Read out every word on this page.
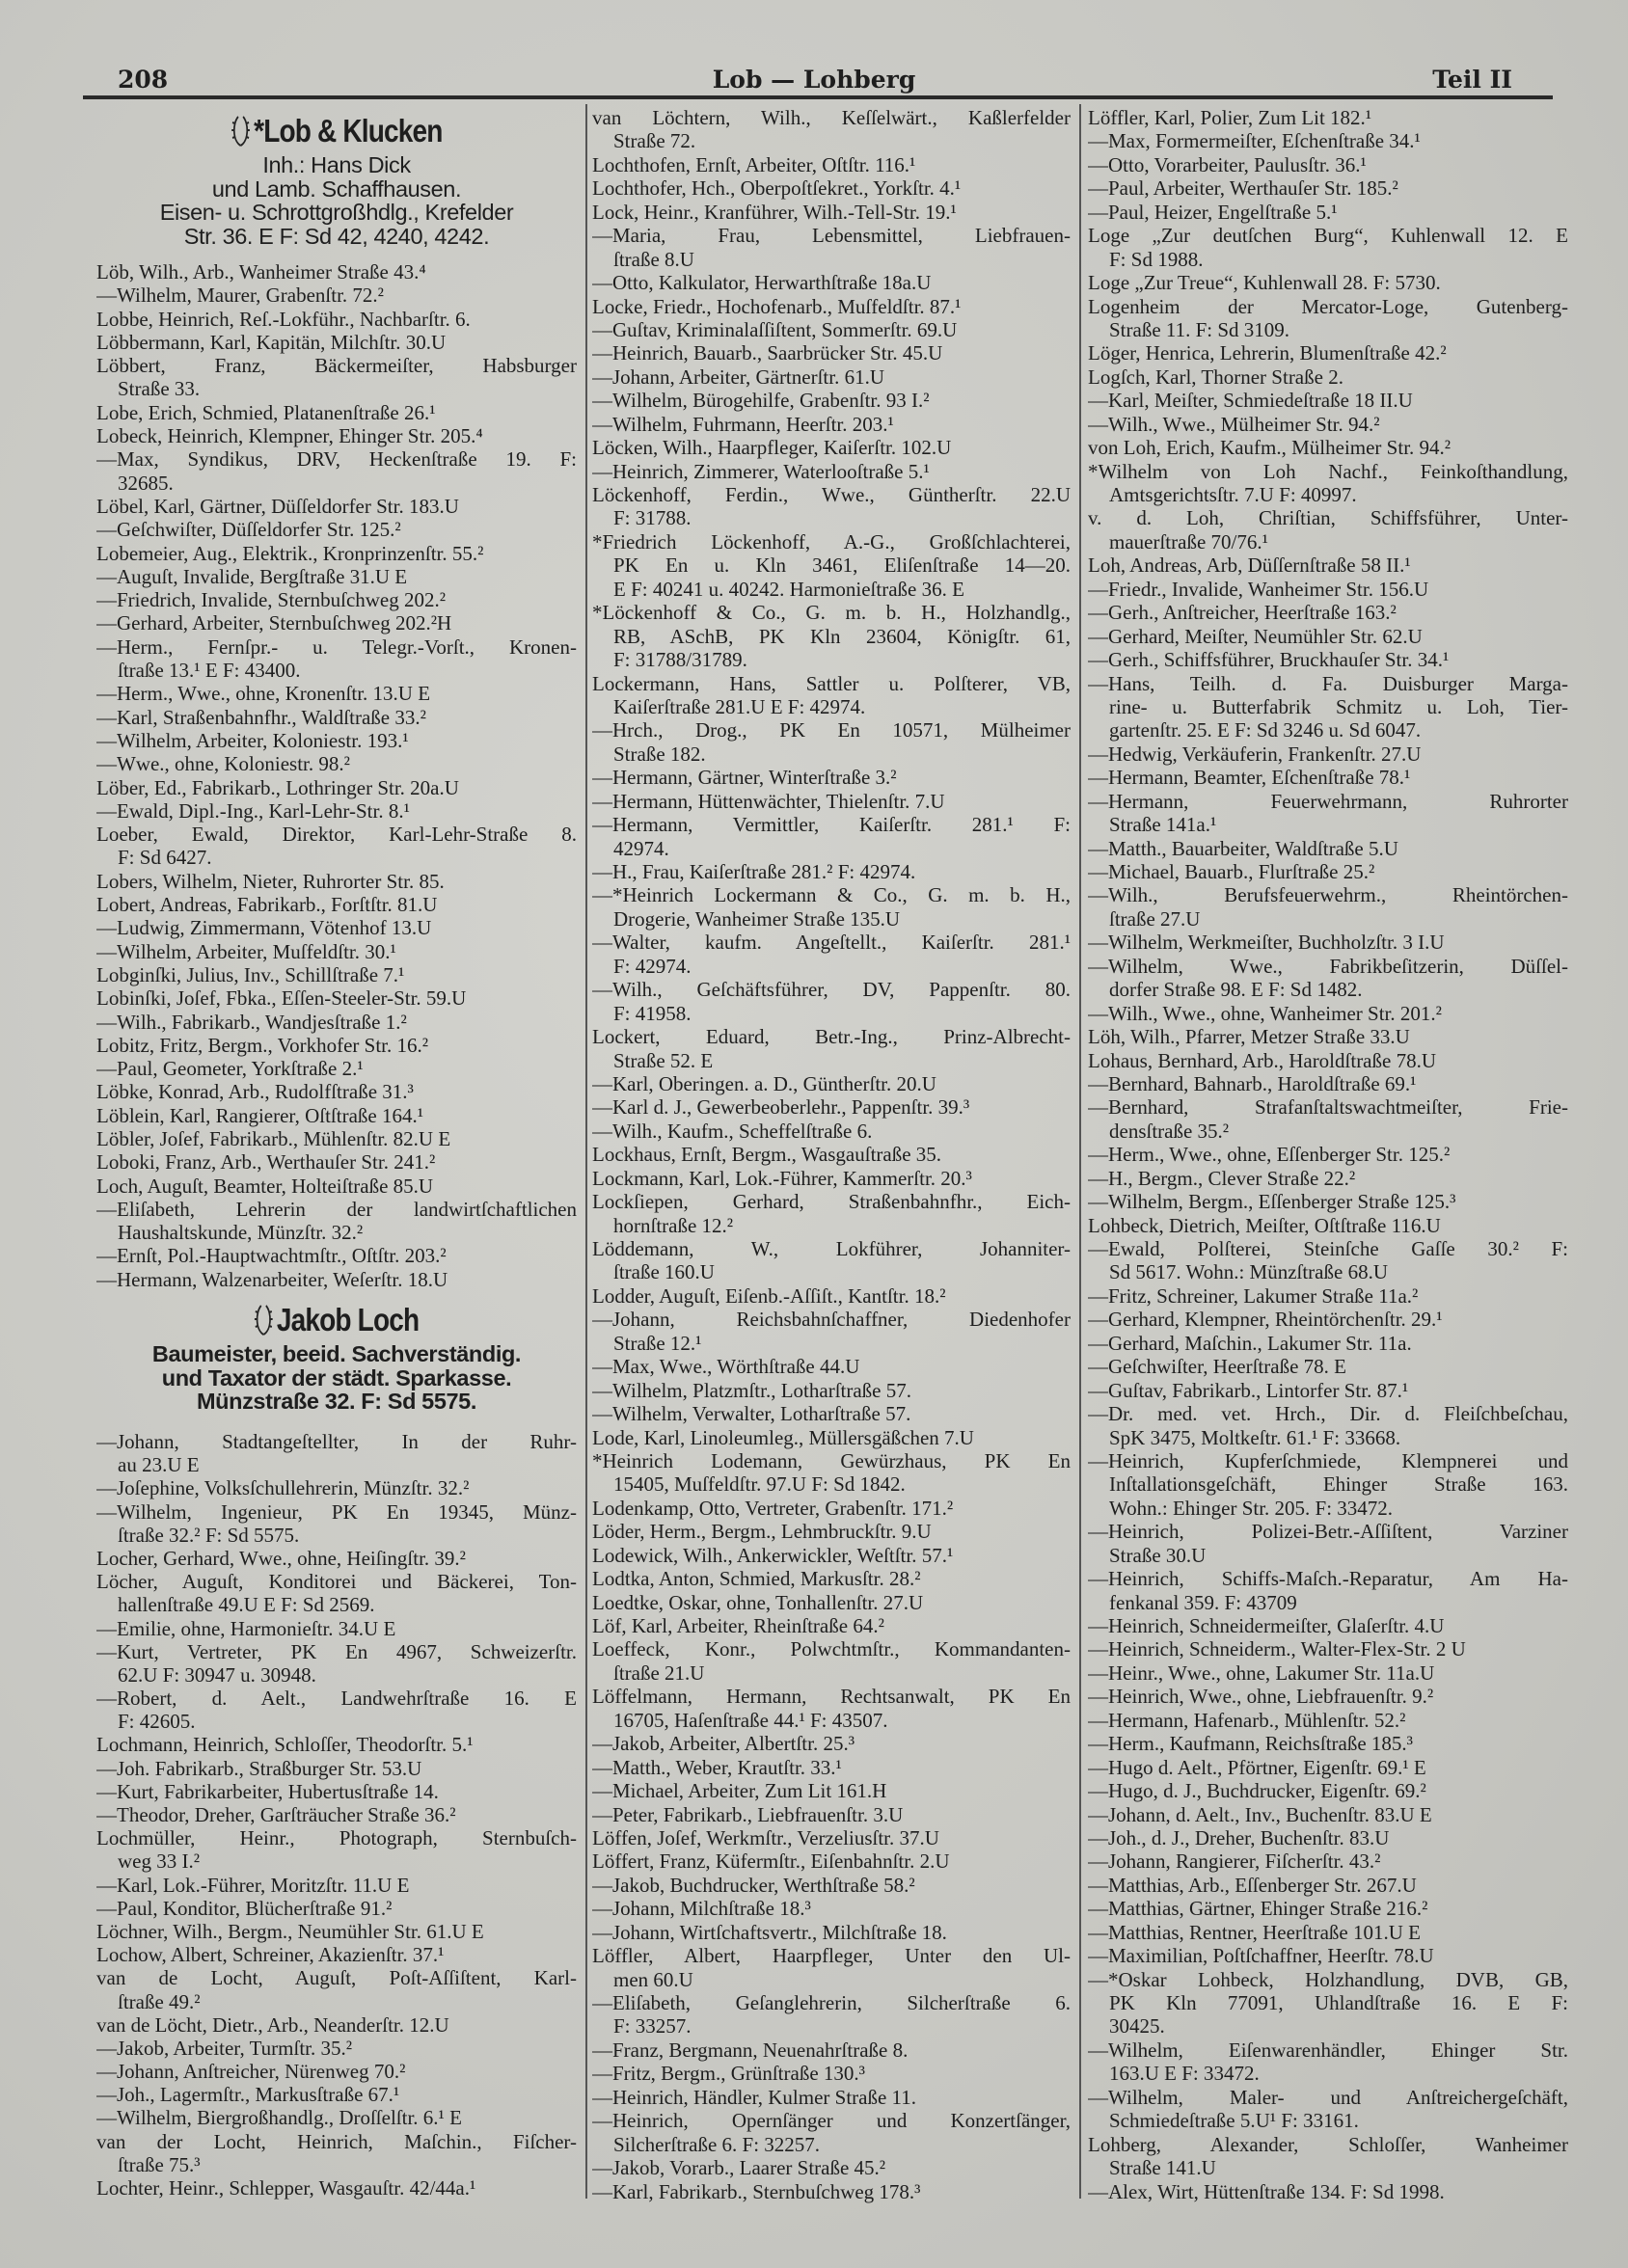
208	Lob — Lohberg	Teil II
*Lob & Klucken
Inh.: Hans Dick
und Lamb. Schaffhausen.
Eisen- u. Schrottgroßhdlg., Krefelder
Str. 36. E F: Sd 42, 4240, 4242.
Löb, Wilh., Arb., Wanheimer Straße 43.⁴
—Wilhelm, Maurer, Grabenſtr. 72.²
Lobbe, Heinrich, Reſ.-Lokführ., Nachbarſtr. 6.
Löbbermann, Karl, Kapitän, Milchſtr. 30.U
Löbbert, Franz, Bäckermeiſter, Habsburger
Straße 33.
Lobe, Erich, Schmied, Platanenſtraße 26.¹
Lobeck, Heinrich, Klempner, Ehinger Str. 205.⁴
—Max, Syndikus, DRV, Heckenſtraße 19. F:
32685.
Löbel, Karl, Gärtner, Düſſeldorfer Str. 183.U
—Geſchwiſter, Düſſeldorfer Str. 125.²
Lobemeier, Aug., Elektrik., Kronprinzenſtr. 55.²
—Auguſt, Invalide, Bergſtraße 31.U E
—Friedrich, Invalide, Sternbuſchweg 202.²
—Gerhard, Arbeiter, Sternbuſchweg 202.²H
—Herm., Fernſpr.- u. Telegr.-Vorſt., Kronen-
ſtraße 13.¹ E F: 43400.
—Herm., Wwe., ohne, Kronenſtr. 13.U E
—Karl, Straßenbahnfhr., Waldſtraße 33.²
—Wilhelm, Arbeiter, Koloniestr. 193.¹
—Wwe., ohne, Koloniestr. 98.²
Löber, Ed., Fabrikarb., Lothringer Str. 20a.U
—Ewald, Dipl.-Ing., Karl-Lehr-Str. 8.¹
Loeber, Ewald, Direktor, Karl-Lehr-Straße 8.
F: Sd 6427.
Lobers, Wilhelm, Nieter, Ruhrorter Str. 85.
Lobert, Andreas, Fabrikarb., Forſtſtr. 81.U
—Ludwig, Zimmermann, Vötenhof 13.U
—Wilhelm, Arbeiter, Muſfeldſtr. 30.¹
Lobginſki, Julius, Inv., Schillſtraße 7.¹
Lobinſki, Joſef, Fbka., Eſſen-Steeler-Str. 59.U
—Wilh., Fabrikarb., Wandjesſtraße 1.²
Lobitz, Fritz, Bergm., Vorkhofer Str. 16.²
—Paul, Geometer, Yorkſtraße 2.¹
Löbke, Konrad, Arb., Rudolfſtraße 31.³
Löblein, Karl, Rangierer, Oſtſtraße 164.¹
Löbler, Joſef, Fabrikarb., Mühlenſtr. 82.U E
Loboki, Franz, Arb., Werthauſer Str. 241.²
Loch, Auguſt, Beamter, Holteiſtraße 85.U
—Eliſabeth, Lehrerin der landwirtſchaftlichen
Haushaltskunde, Münzſtr. 32.²
—Ernſt, Pol.-Hauptwachtmſtr., Oſtſtr. 203.²
—Hermann, Walzenarbeiter, Weſerſtr. 18.U
Jakob Loch
Baumeister, beeid. Sachverständig.
und Taxator der städt. Sparkasse.
Münzstraße 32. F: Sd 5575.
—Johann, Stadtangeſtellter, In der Ruhr-
au 23.U E
—Joſephine, Volksſchullehrerin, Münzſtr. 32.²
—Wilhelm, Ingenieur, PK En 19345, Münz-
ſtraße 32.² F: Sd 5575.
Locher, Gerhard, Wwe., ohne, Heiſingſtr. 39.²
Löcher, Auguſt, Konditorei und Bäckerei, Ton-
hallenſtraße 49.U E F: Sd 2569.
—Emilie, ohne, Harmonieſtr. 34.U E
—Kurt, Vertreter, PK En 4967, Schweizerſtr.
62.U F: 30947 u. 30948.
—Robert, d. Aelt., Landwehrſtraße 16. E
F: 42605.
Lochmann, Heinrich, Schloſſer, Theodorſtr. 5.¹
—Joh. Fabrikarb., Straßburger Str. 53.U
—Kurt, Fabrikarbeiter, Hubertusſtraße 14.
—Theodor, Dreher, Garſträucher Straße 36.²
Lochmüller, Heinr., Photograph, Sternbuſch-
weg 33 I.²
—Karl, Lok.-Führer, Moritzſtr. 11.U E
—Paul, Konditor, Blücherſtraße 91.²
Löchner, Wilh., Bergm., Neumühler Str. 61.U E
Lochow, Albert, Schreiner, Akazienſtr. 37.¹
van de Locht, Auguſt, Poſt-Aſſiſtent, Karl-
ſtraße 49.²
van de Löcht, Dietr., Arb., Neanderſtr. 12.U
—Jakob, Arbeiter, Turmſtr. 35.²
—Johann, Anſtreicher, Nürenweg 70.²
—Joh., Lagermſtr., Markusſtraße 67.¹
—Wilhelm, Biergroßhandlg., Droſſelſtr. 6.¹ E
van der Locht, Heinrich, Maſchin., Fiſcher-
ſtraße 75.³
Lochter, Heinr., Schlepper, Wasgauſtr. 42/44a.¹
van Löchtern, Wilh., Keſſelwärt., Kaßlerfelder
Straße 72.
Lochthofen, Ernſt, Arbeiter, Oſtſtr. 116.¹
Lochthofer, Hch., Oberpoſtſekret., Yorkſtr. 4.¹
Lock, Heinr., Kranführer, Wilh.-Tell-Str. 19.¹
—Maria, Frau, Lebensmittel, Liebfrauen-
ſtraße 8.U
—Otto, Kalkulator, Herwarthſtraße 18a.U
Locke, Friedr., Hochofenarb., Muſfeldſtr. 87.¹
—Guſtav, Kriminalaſſiſtent, Sommerſtr. 69.U
—Heinrich, Bauarb., Saarbrücker Str. 45.U
—Johann, Arbeiter, Gärtnerſtr. 61.U
—Wilhelm, Bürogehilfe, Grabenſtr. 93 I.²
—Wilhelm, Fuhrmann, Heerſtr. 203.¹
Löcken, Wilh., Haarpfleger, Kaiſerſtr. 102.U
—Heinrich, Zimmerer, Waterlooſtraße 5.¹
Löckenhoff, Ferdin., Wwe., Güntherſtr. 22.U
F: 31788.
*Friedrich Löckenhoff, A.-G., Großſchlachterei,
PK En u. Kln 3461, Eliſenſtraße 14—20.
E F: 40241 u. 40242. Harmonieſtraße 36. E
*Löckenhoff & Co., G. m. b. H., Holzhandlg.,
RB, ASchB, PK Kln 23604, Königſtr. 61,
F: 31788/31789.
Lockermann, Hans, Sattler u. Polſterer, VB,
Kaiſerſtraße 281.U E F: 42974.
—Hrch., Drog., PK En 10571, Mülheimer
Straße 182.
—Hermann, Gärtner, Winterſtraße 3.²
—Hermann, Hüttenwächter, Thielenſtr. 7.U
—Hermann, Vermittler, Kaiſerſtr. 281.¹ F:
42974.
—H., Frau, Kaiſerſtraße 281.² F: 42974.
—*Heinrich Lockermann & Co., G. m. b. H.,
Drogerie, Wanheimer Straße 135.U
—Walter, kaufm. Angeſtellt., Kaiſerſtr. 281.¹
F: 42974.
—Wilh., Geſchäftsführer, DV, Pappenſtr. 80.
F: 41958.
Lockert, Eduard, Betr.-Ing., Prinz-Albrecht-
Straße 52. E
—Karl, Oberingen. a. D., Güntherſtr. 20.U
—Karl d. J., Gewerbeoberlehr., Pappenſtr. 39.³
—Wilh., Kaufm., Scheffelſtraße 6.
Lockhaus, Ernſt, Bergm., Wasgauſtraße 35.
Lockmann, Karl, Lok.-Führer, Kammerſtr. 20.³
Lockſiepen, Gerhard, Straßenbahnfhr., Eich-
hornſtraße 12.²
Löddemann, W., Lokführer, Johanniter-
ſtraße 160.U
Lodder, Auguſt, Eiſenb.-Aſſiſt., Kantſtr. 18.²
—Johann, Reichsbahnſchaffner, Diedenhofer
Straße 12.¹
—Max, Wwe., Wörthſtraße 44.U
—Wilhelm, Platzmſtr., Lotharſtraße 57.
—Wilhelm, Verwalter, Lotharſtraße 57.
Lode, Karl, Linoleumleg., Müllersgäßchen 7.U
*Heinrich Lodemann, Gewürzhaus, PK En
15405, Muſfeldſtr. 97.U F: Sd 1842.
Lodenkamp, Otto, Vertreter, Grabenſtr. 171.²
Löder, Herm., Bergm., Lehmbruckſtr. 9.U
Lodewick, Wilh., Ankerwickler, Weſtſtr. 57.¹
Lodtka, Anton, Schmied, Markusſtr. 28.²
Loedtke, Oskar, ohne, Tonhallenſtr. 27.U
Löf, Karl, Arbeiter, Rheinſtraße 64.²
Loeffeck, Konr., Polwchtmſtr., Kommandanten-
ſtraße 21.U
Löffelmann, Hermann, Rechtsanwalt, PK En
16705, Haſenſtraße 44.¹ F: 43507.
—Jakob, Arbeiter, Albertſtr. 25.³
—Matth., Weber, Krautſtr. 33.¹
—Michael, Arbeiter, Zum Lit 161.H
—Peter, Fabrikarb., Liebfrauenſtr. 3.U
Löffen, Joſef, Werkmſtr., Verzeliusſtr. 37.U
Löffert, Franz, Küfermſtr., Eiſenbahnſtr. 2.U
—Jakob, Buchdrucker, Werthſtraße 58.²
—Johann, Milchſtraße 18.³
—Johann, Wirtſchaftsvertr., Milchſtraße 18.
Löffler, Albert, Haarpfleger, Unter den Ul-
men 60.U
—Eliſabeth, Geſanglehrerin, Silcherſtraße 6.
F: 33257.
—Franz, Bergmann, Neuenahrſtraße 8.
—Fritz, Bergm., Grünſtraße 130.³
—Heinrich, Händler, Kulmer Straße 11.
—Heinrich, Opernſänger und Konzertſänger,
Silcherſtraße 6. F: 32257.
—Jakob, Vorarb., Laarer Straße 45.²
—Karl, Fabrikarb., Sternbuſchweg 178.³
Löffler, Karl, Polier, Zum Lit 182.¹
—Max, Formermeiſter, Eſchenſtraße 34.¹
—Otto, Vorarbeiter, Paulusſtr. 36.¹
—Paul, Arbeiter, Werthauſer Str. 185.²
—Paul, Heizer, Engelſtraße 5.¹
Loge „Zur deutſchen Burg“, Kuhlenwall 12. E
F: Sd 1988.
Loge „Zur Treue“, Kuhlenwall 28. F: 5730.
Logenheim der Mercator-Loge, Gutenberg-
Straße 11. F: Sd 3109.
Löger, Henrica, Lehrerin, Blumenſtraße 42.²
Logſch, Karl, Thorner Straße 2.
—Karl, Meiſter, Schmiedeſtraße 18 II.U
—Wilh., Wwe., Mülheimer Str. 94.²
von Loh, Erich, Kaufm., Mülheimer Str. 94.²
*Wilhelm von Loh Nachf., Feinkoſthandlung,
Amtsgerichtsſtr. 7.U F: 40997.
v. d. Loh, Chriſtian, Schiffsführer, Unter-
mauerſtraße 70/76.¹
Loh, Andreas, Arb, Düſſernſtraße 58 II.¹
—Friedr., Invalide, Wanheimer Str. 156.U
—Gerh., Anſtreicher, Heerſtraße 163.²
—Gerhard, Meiſter, Neumühler Str. 62.U
—Gerh., Schiffsführer, Bruckhauſer Str. 34.¹
—Hans, Teilh. d. Fa. Duisburger Marga-
rine- u. Butterfabrik Schmitz u. Loh, Tier-
gartenſtr. 25. E F: Sd 3246 u. Sd 6047.
—Hedwig, Verkäuferin, Frankenſtr. 27.U
—Hermann, Beamter, Eſchenſtraße 78.¹
—Hermann, Feuerwehrmann, Ruhrorter
Straße 141a.¹
—Matth., Bauarbeiter, Waldſtraße 5.U
—Michael, Bauarb., Flurſtraße 25.²
—Wilh., Berufsfeuerwehrm., Rheintörchen-
ſtraße 27.U
—Wilhelm, Werkmeiſter, Buchholzſtr. 3 I.U
—Wilhelm, Wwe., Fabrikbeſitzerin, Düſſel-
dorfer Straße 98. E F: Sd 1482.
—Wilh., Wwe., ohne, Wanheimer Str. 201.²
Löh, Wilh., Pfarrer, Metzer Straße 33.U
Lohaus, Bernhard, Arb., Haroldſtraße 78.U
—Bernhard, Bahnarb., Haroldſtraße 69.¹
—Bernhard, Strafanſtaltswachtmeiſter, Frie-
densſtraße 35.²
—Herm., Wwe., ohne, Eſſenberger Str. 125.²
—H., Bergm., Clever Straße 22.²
—Wilhelm, Bergm., Eſſenberger Straße 125.³
Lohbeck, Dietrich, Meiſter, Oſtſtraße 116.U
—Ewald, Polſterei, Steinſche Gaſſe 30.² F:
Sd 5617. Wohn.: Münzſtraße 68.U
—Fritz, Schreiner, Lakumer Straße 11a.²
—Gerhard, Klempner, Rheintörchenſtr. 29.¹
—Gerhard, Maſchin., Lakumer Str. 11a.
—Geſchwiſter, Heerſtraße 78. E
—Guſtav, Fabrikarb., Lintorfer Str. 87.¹
—Dr. med. vet. Hrch., Dir. d. Fleiſchbeſchau,
SpK 3475, Moltkeſtr. 61.¹ F: 33668.
—Heinrich, Kupferſchmiede, Klempnerei und
Inſtallationsgeſchäft, Ehinger Straße 163.
Wohn.: Ehinger Str. 205. F: 33472.
—Heinrich, Polizei-Betr.-Aſſiſtent, Varziner
Straße 30.U
—Heinrich, Schiffs-Maſch.-Reparatur, Am Ha-
fenkanal 359. F: 43709
—Heinrich, Schneidermeiſter, Glaſerſtr. 4.U
—Heinrich, Schneiderm., Walter-Flex-Str. 2 U
—Heinr., Wwe., ohne, Lakumer Str. 11a.U
—Heinrich, Wwe., ohne, Liebfrauenſtr. 9.²
—Hermann, Hafenarb., Mühlenſtr. 52.²
—Herm., Kaufmann, Reichsſtraße 185.³
—Hugo d. Aelt., Pförtner, Eigenſtr. 69.¹ E
—Hugo, d. J., Buchdrucker, Eigenſtr. 69.²
—Johann, d. Aelt., Inv., Buchenſtr. 83.U E
—Joh., d. J., Dreher, Buchenſtr. 83.U
—Johann, Rangierer, Fiſcherſtr. 43.²
—Matthias, Arb., Eſſenberger Str. 267.U
—Matthias, Gärtner, Ehinger Straße 216.²
—Matthias, Rentner, Heerſtraße 101.U E
—Maximilian, Poſtſchaffner, Heerſtr. 78.U
—*Oskar Lohbeck, Holzhandlung, DVB, GB,
PK Kln 77091, Uhlandſtraße 16. E F:
30425.
—Wilhelm, Eiſenwarenhändler, Ehinger Str.
163.U E F: 33472.
—Wilhelm, Maler- und Anſtreichergeſchäft,
Schmiedeſtraße 5.U¹ F: 33161.
Lohberg, Alexander, Schloſſer, Wanheimer
Straße 141.U
—Alex, Wirt, Hüttenſtraße 134. F: Sd 1998.
